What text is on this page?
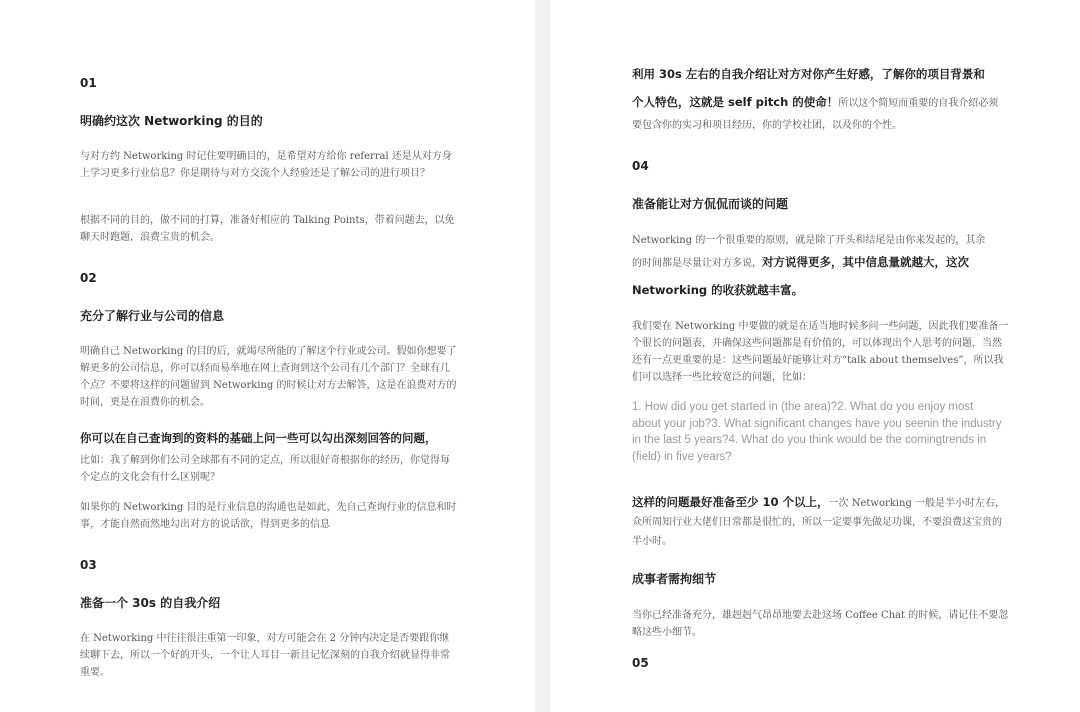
01
明确约这次 Networking 的目的
与对方约 Networking 时记住要明确目的，是希望对方给你 referral 还是从对方身上学习更多行业信息？你是期待与对方交流个人经验还是了解公司的进行项目？
根据不同的目的，做不同的打算，准备好相应的 Talking Points，带着问题去，以免聊天时跑题，浪费宝贵的机会。
02
充分了解行业与公司的信息
明确自己 Networking 的目的后，就竭尽所能的了解这个行业或公司。假如你想要了解更多的公司信息，你可以轻而易举地在网上查询到这个公司有几个部门？全球有几个点？不要将这样的问题留到 Networking 的时候让对方去解答，这是在浪费对方的时间，更是在浪费你的机会。
你可以在自己查询到的资料的基础上问一些可以勾出深刻回答的问题，
比如：我了解到你们公司全球都有不同的定点，所以很好奇根据你的经历，你觉得每个定点的文化会有什么区别呢？
如果你的 Networking 目的是行业信息的沟通也是如此，先自己查询行业的信息和时事，才能自然而然地勾出对方的说话欲，得到更多的信息
03
准备一个 30s 的自我介绍
在 Networking 中往往很注重第一印象，对方可能会在 2 分钟内决定是否要跟你继续聊下去，所以一个好的开头，一个让人耳目一新且记忆深刻的自我介绍就显得非常重要。
利用 30s 左右的自我介绍让对方对你产生好感，了解你的项目背景和
个人特色，这就是 self pitch 的使命！所以这个简短而重要的自我介绍必须
要包含你的实习和项目经历，你的学校社团，以及你的个性。
04
准备能让对方侃侃而谈的问题
Networking 的一个很重要的原则，就是除了开头和结尾是由你来发起的，其余
的时间都是尽量让对方多说，对方说得更多，其中信息量就越大，这次
Networking 的收获就越丰富。
我们要在 Networking 中要做的就是在适当地时候多问一些问题，因此我们要准备一个很长的问题表，并确保这些问题都是有价值的，可以体现出个人思考的问题，当然还有一点更重要的是：这些问题最好能够让对方“talk about themselves”，所以我们可以选择一些比较宽泛的问题，比如：
1. How did you get started in (the area)?2. What do you enjoy most about your job?3. What significant changes have you seenin the industry in the last 5 years?4. What do you think would be the comingtrends in (field) in five years?
这样的问题最好准备至少 10 个以上，一次 Networking 一般是半小时左右，众所周知行业大佬们日常都是很忙的，所以一定要事先做足功课，不要浪费这宝贵的半小时。
成事者需拘细节
当你已经准备充分，雄赳赳气昂昂地要去赴这场 Coffee Chat 的时候，请记住不要忽略这些小细节。
05
